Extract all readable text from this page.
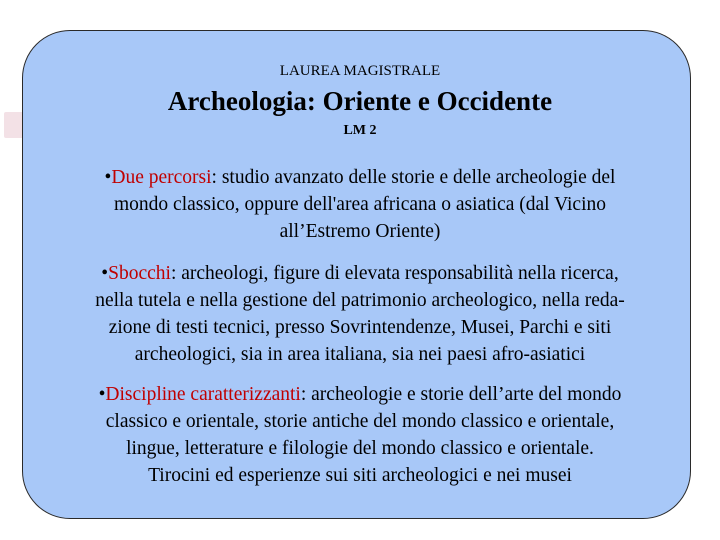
LAUREA MAGISTRALE
Archeologia: Oriente e Occidente
LM 2
•Due percorsi: studio avanzato delle storie e delle archeologie del
mondo classico, oppure dell'area africana o asiatica (dal Vicino
all’Estremo Oriente)
•Sbocchi: archeologi, figure di elevata responsabilità nella ricerca,
nella tutela e nella gestione del patrimonio archeologico, nella reda-
zione di testi tecnici, presso Sovrintendenze, Musei, Parchi e siti
archeologici, sia in area italiana, sia nei paesi afro-asiatici
•Discipline caratterizzanti: archeologie e storie dell’arte del mondo
classico e orientale, storie antiche del mondo classico e orientale,
lingue, letterature e filologie del mondo classico e orientale.
Tirocini ed esperienze sui siti archeologici e nei musei
